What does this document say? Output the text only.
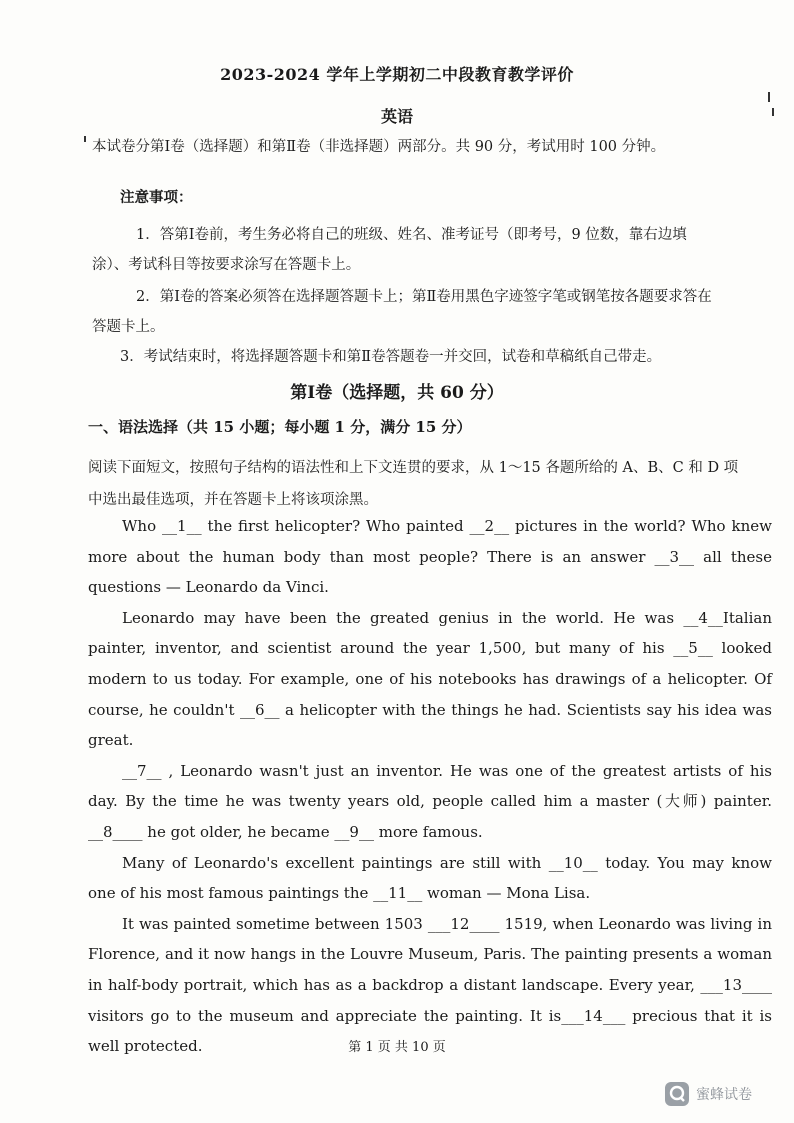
2023-2024 学年上学期初二中段教育教学评价
英语
本试卷分第Ⅰ卷（选择题）和第Ⅱ卷（非选择题）两部分。共 90 分，考试用时 100 分钟。
注意事项：
1．答第Ⅰ卷前，考生务必将自己的班级、姓名、准考证号（即考号，9 位数，靠右边填涂）、考试科目等按要求涂写在答题卡上。
2．第Ⅰ卷的答案必须答在选择题答题卡上；第Ⅱ卷用黑色字迹签字笔或钢笔按各题要求答在答题卡上。
3．考试结束时，将选择题答题卡和第Ⅱ卷答题卷一并交回，试卷和草稿纸自己带走。
第Ⅰ卷（选择题，共 60 分）
一、语法选择（共 15 小题；每小题 1 分，满分 15 分）
阅读下面短文，按照句子结构的语法性和上下文连贯的要求，从 1～15 各题所给的 A、B、C 和 D 项中选出最佳选项，并在答题卡上将该项涂黑。

Who __1__ the first helicopter? Who painted __2__ pictures in the world? Who knew more about the human body than most people? There is an answer __3__ all these questions — Leonardo da Vinci.

Leonardo may have been the greated genius in the world. He was __4__Italian painter, inventor, and scientist around the year 1,500, but many of his __5__ looked modern to us today. For example, one of his notebooks has drawings of a helicopter. Of course, he couldn't __6__ a helicopter with the things he had. Scientists say his idea was great.

__7__ , Leonardo wasn't just an inventor. He was one of the greatest artists of his day. By the time he was twenty years old, people called him a master (大师) painter. __8____ he got older, he became __9__ more famous.

Many of Leonardo's excellent paintings are still with __10__ today. You may know one of his most famous paintings the __11__ woman — Mona Lisa.

It was painted sometime between 1503 ___12____ 1519, when Leonardo was living in Florence, and it now hangs in the Louvre Museum, Paris. The painting presents a woman in half-body portrait, which has as a backdrop a distant landscape. Every year, ___13____ visitors go to the museum and appreciate the painting. It is___14___ precious that it is well protected.	第 1 页 共 10 页
蜜蜂试卷
